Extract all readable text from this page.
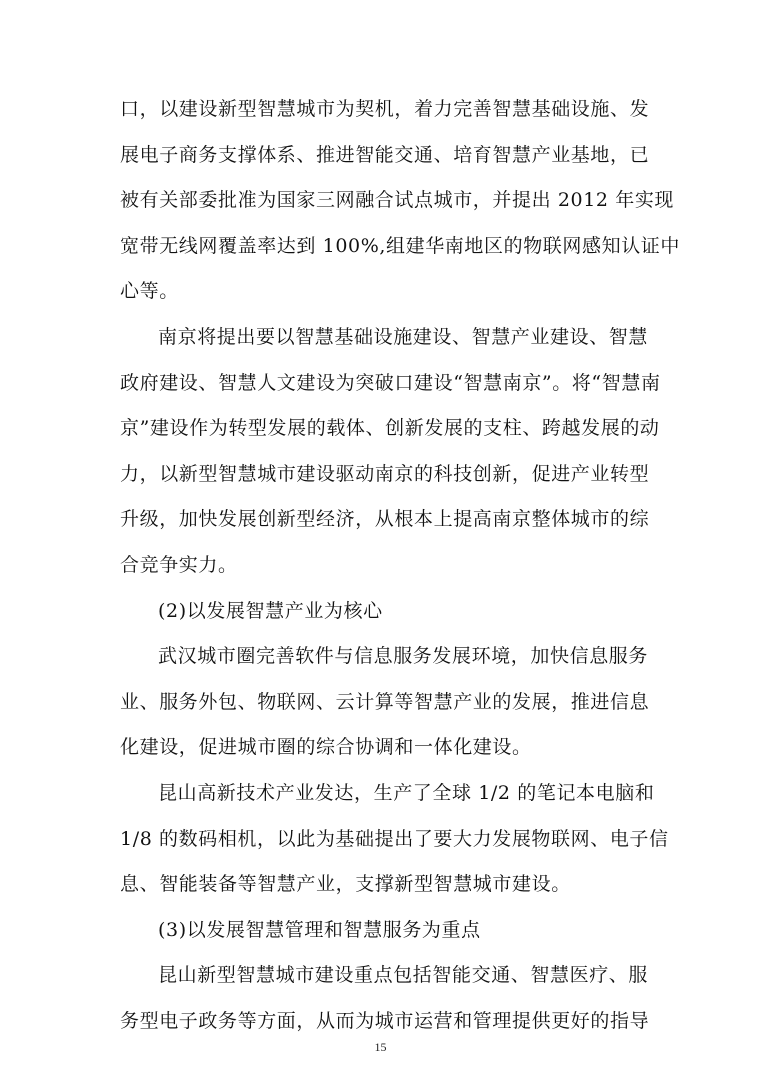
口，以建设新型智慧城市为契机，着力完善智慧基础设施、发
展电子商务支撑体系、推进智能交通、培育智慧产业基地，已
被有关部委批准为国家三网融合试点城市，并提出 2012 年实现
宽带无线网覆盖率达到 100%,组建华南地区的物联网感知认证中
心等。
南京将提出要以智慧基础设施建设、智慧产业建设、智慧
政府建设、智慧人文建设为突破口建设“智慧南京”。将“智慧南
京”建设作为转型发展的载体、创新发展的支柱、跨越发展的动
力，以新型智慧城市建设驱动南京的科技创新，促进产业转型
升级，加快发展创新型经济，从根本上提高南京整体城市的综
合竞争实力。
(2)以发展智慧产业为核心
武汉城市圈完善软件与信息服务发展环境，加快信息服务
业、服务外包、物联网、云计算等智慧产业的发展，推进信息
化建设，促进城市圈的综合协调和一体化建设。
昆山高新技术产业发达，生产了全球 1/2 的笔记本电脑和
1/8 的数码相机，以此为基础提出了要大力发展物联网、电子信
息、智能装备等智慧产业，支撑新型智慧城市建设。
(3)以发展智慧管理和智慧服务为重点
昆山新型智慧城市建设重点包括智能交通、智慧医疗、服
务型电子政务等方面，从而为城市运营和管理提供更好的指导
15
